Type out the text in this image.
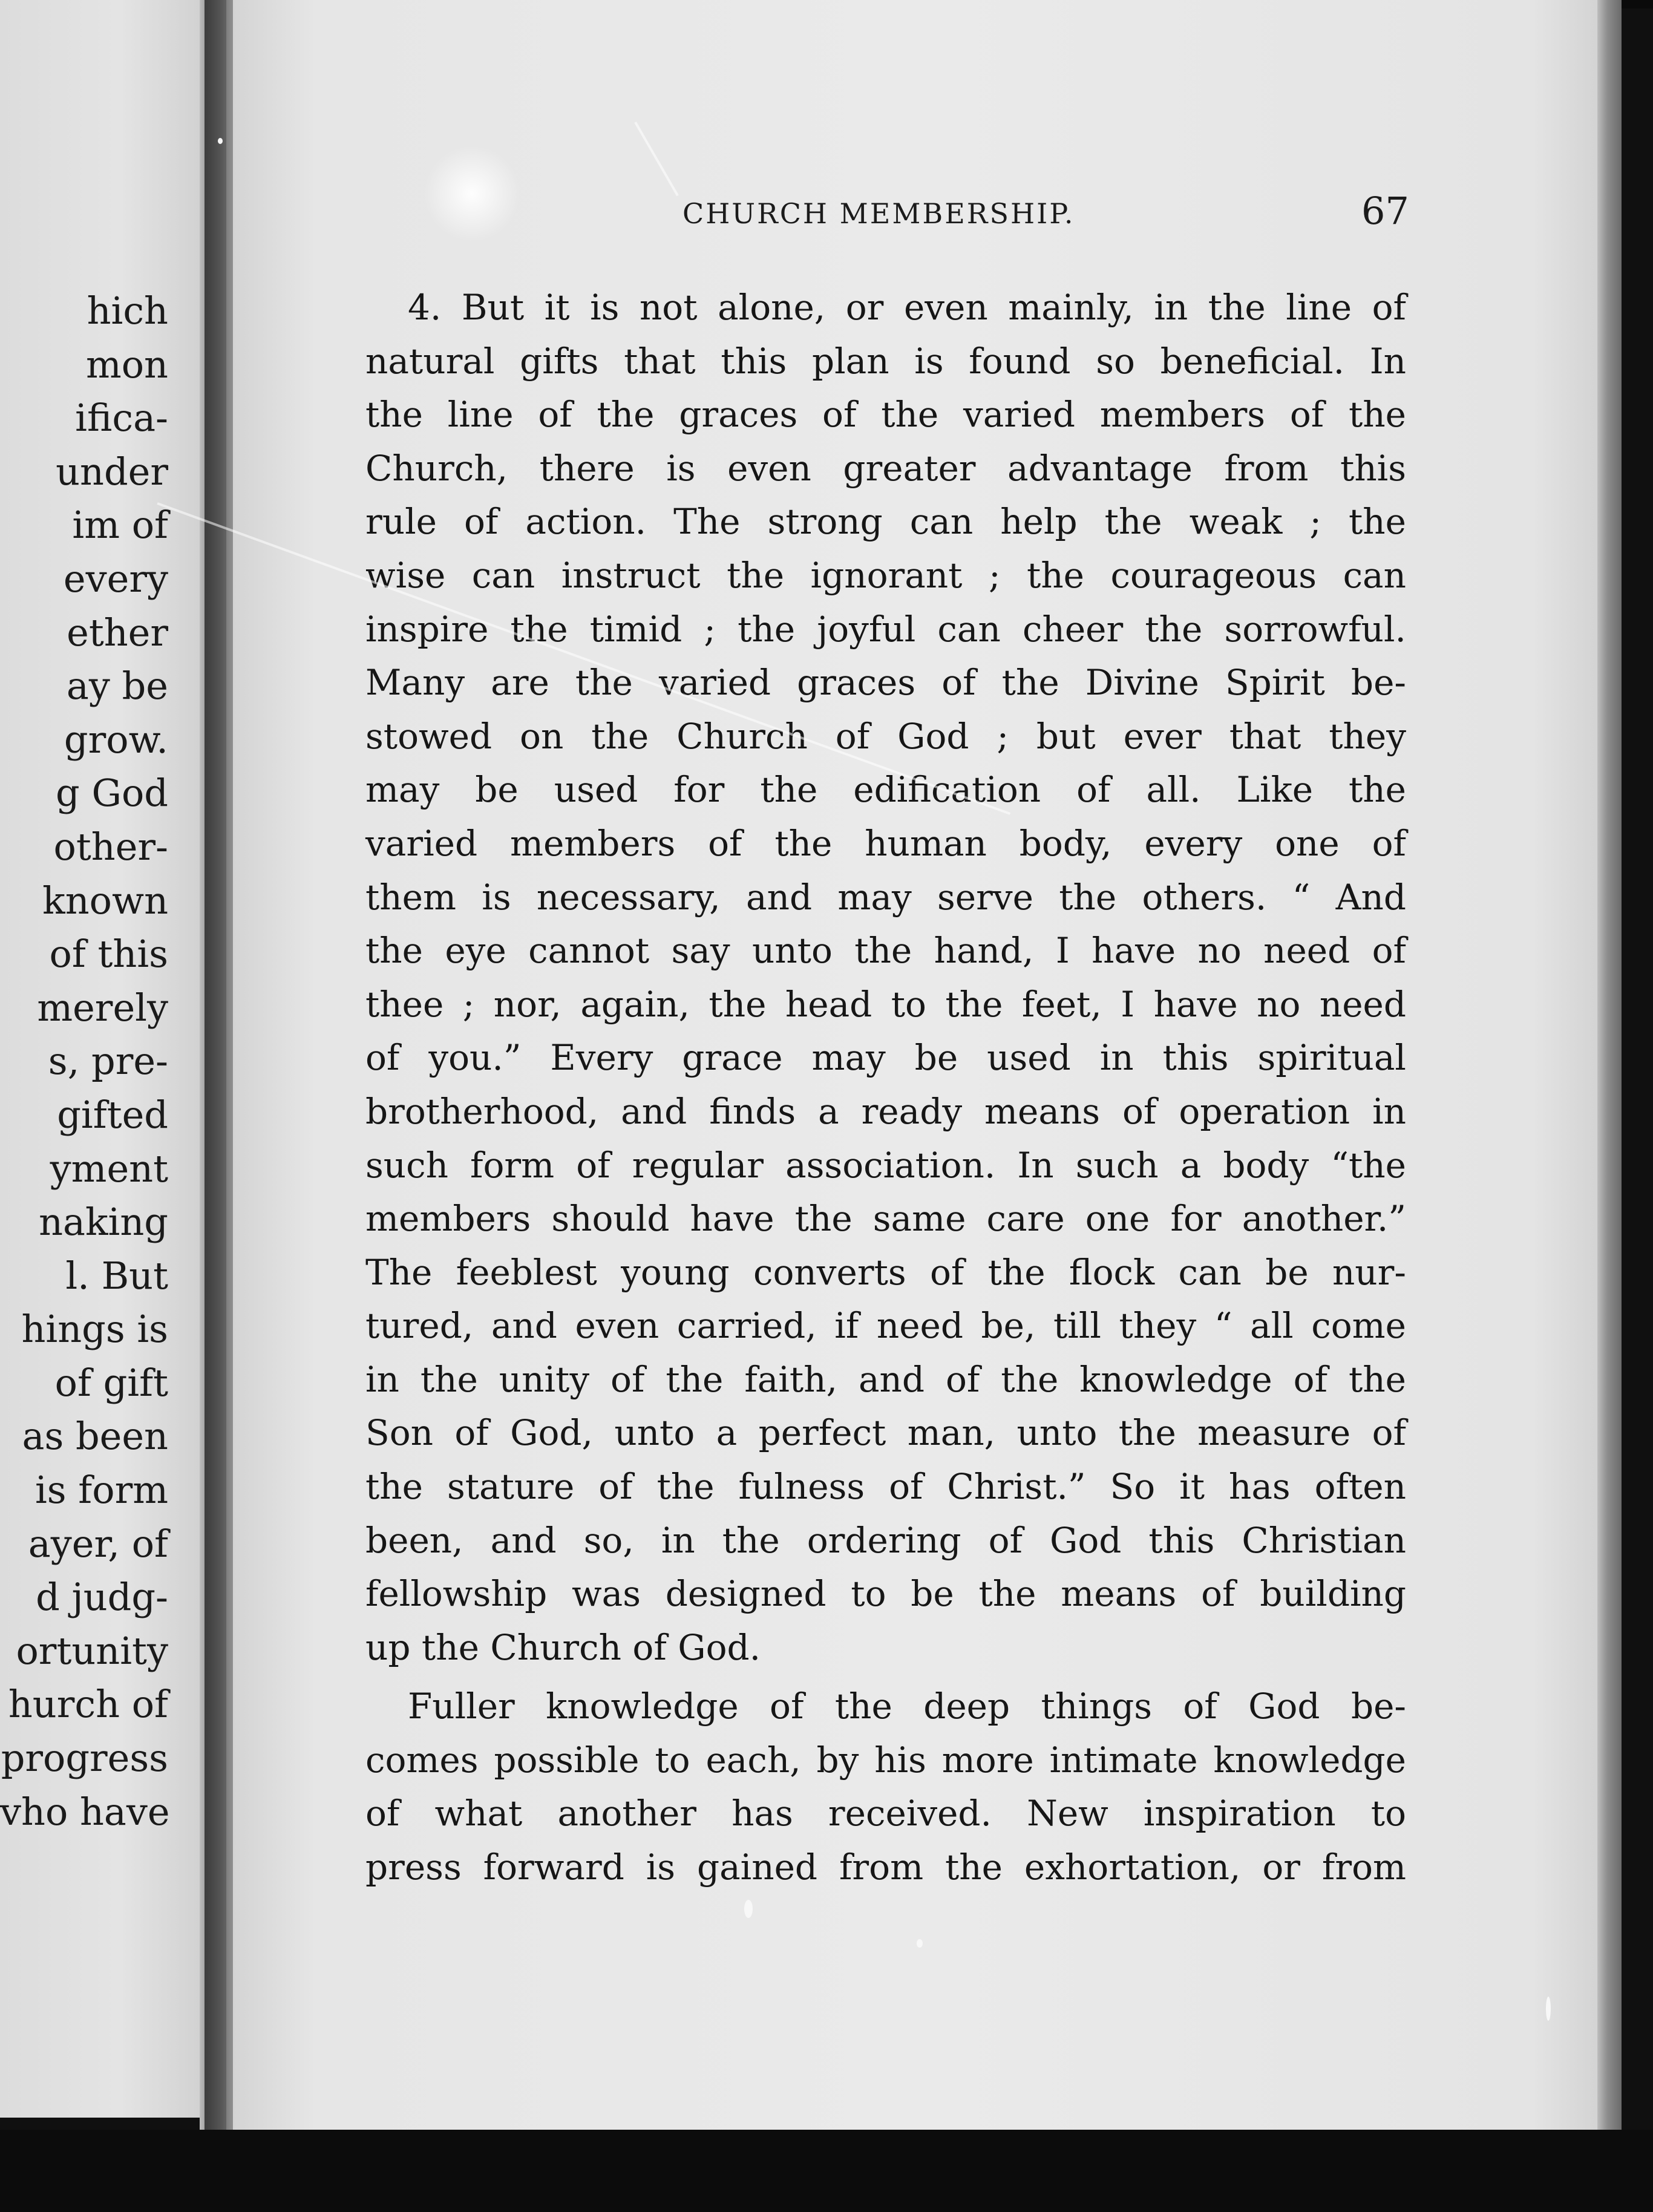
hich
mon
ifica-
under
im of
every
ether
ay be
grow.
g God
other-
known
of this
merely
s, pre-
gifted
yment
naking
l. But
hings is
of gift
as been
is form
ayer, of
d judg-
ortunity
hurch of
progress
vho have
CHURCH MEMBERSHIP.	67
4. But it is not alone, or even mainly, in the line of
natural gifts that this plan is found so beneficial. In
the line of the graces of the varied members of the
Church, there is even greater advantage from this
rule of action. The strong can help the weak ; the
wise can instruct the ignorant ; the courageous can
inspire the timid ; the joyful can cheer the sorrowful.
Many are the varied graces of the Divine Spirit be-
stowed on the Church of God ; but ever that they
may be used for the edification of all. Like the
varied members of the human body, every one of
them is necessary, and may serve the others. “ And
the eye cannot say unto the hand, I have no need of
thee ; nor, again, the head to the feet, I have no need
of you.” Every grace may be used in this spiritual
brotherhood, and finds a ready means of operation in
such form of regular association. In such a body “the
members should have the same care one for another.”
The feeblest young converts of the flock can be nur-
tured, and even carried, if need be, till they “ all come
in the unity of the faith, and of the knowledge of the
Son of God, unto a perfect man, unto the measure of
the stature of the fulness of Christ.” So it has often
been, and so, in the ordering of God this Christian
fellowship was designed to be the means of building
up the Church of God.
Fuller knowledge of the deep things of God be-
comes possible to each, by his more intimate knowledge
of what another has received. New inspiration to
press forward is gained from the exhortation, or from
